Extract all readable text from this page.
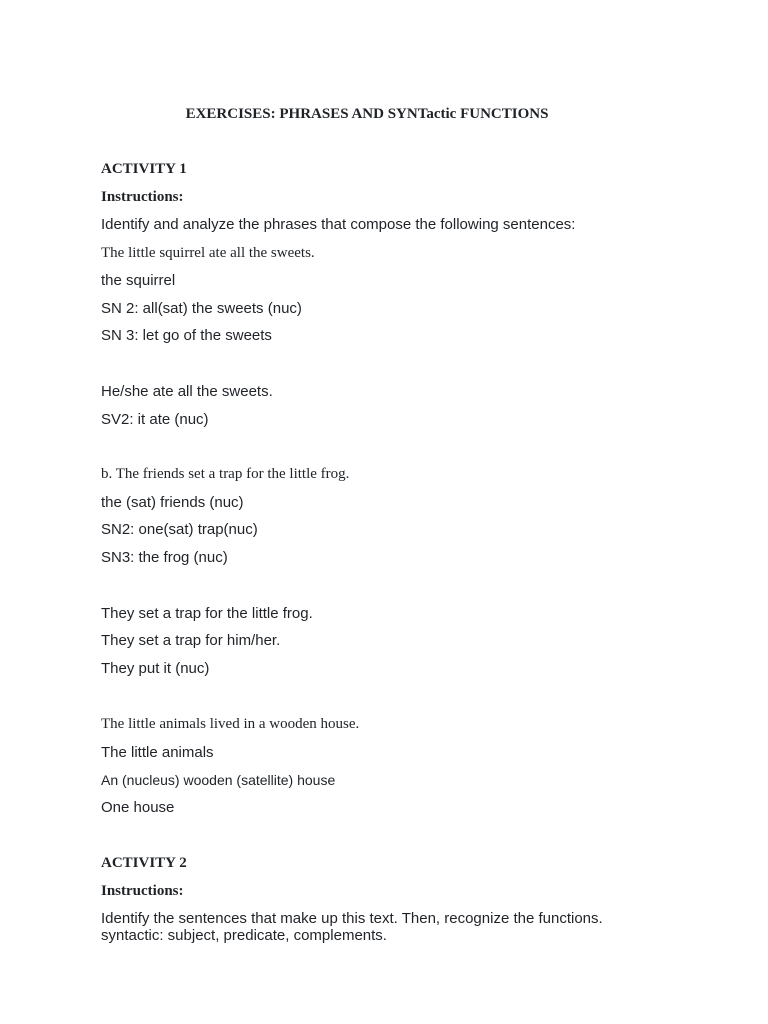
EXERCISES: PHRASES AND SYNTactic FUNCTIONS
ACTIVITY 1
Instructions:
Identify and analyze the phrases that compose the following sentences:
The little squirrel ate all the sweets.
the squirrel
SN 2: all(sat) the sweets (nuc)
SN 3: let go of the sweets
He/she ate all the sweets.
SV2: it ate (nuc)
b. The friends set a trap for the little frog.
the (sat) friends (nuc)
SN2: one(sat) trap(nuc)
SN3: the frog (nuc)
They set a trap for the little frog.
They set a trap for him/her.
They put it (nuc)
The little animals lived in a wooden house.
The little animals
An (nucleus) wooden (satellite) house
One house
ACTIVITY 2
Instructions:
Identify the sentences that make up this text. Then, recognize the functions. syntactic: subject, predicate, complements.
